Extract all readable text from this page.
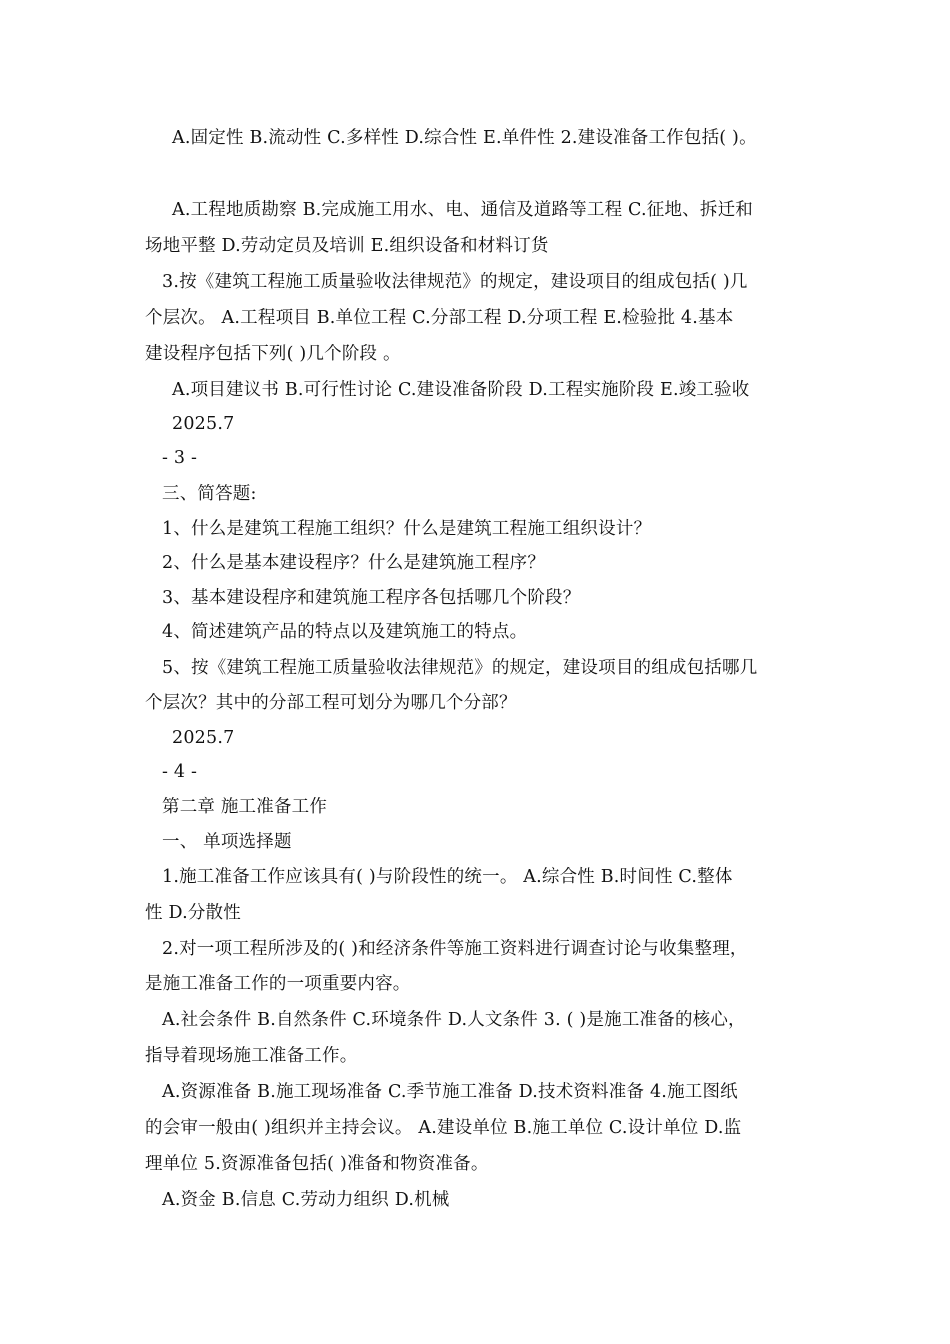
A.固定性 B.流动性 C.多样性 D.综合性 E.单件性 2.建设准备工作包括( )。
A.工程地质勘察 B.完成施工用水、电、通信及道路等工程 C.征地、拆迁和
场地平整 D.劳动定员及培训 E.组织设备和材料订货
3.按《建筑工程施工质量验收法律规范》的规定，建设项目的组成包括( )几
个层次。 A.工程项目 B.单位工程 C.分部工程 D.分项工程 E.检验批 4.基本
建设程序包括下列( )几个阶段 。
A.项目建议书 B.可行性讨论 C.建设准备阶段 D.工程实施阶段 E.竣工验收
2025.7
- 3 -
三、简答题:
1、什么是建筑工程施工组织？什么是建筑工程施工组织设计？
2、什么是基本建设程序？什么是建筑施工程序？
3、基本建设程序和建筑施工程序各包括哪几个阶段？
4、简述建筑产品的特点以及建筑施工的特点。
5、按《建筑工程施工质量验收法律规范》的规定，建设项目的组成包括哪几
个层次？其中的分部工程可划分为哪几个分部？
2025.7
- 4 -
第二章 施工准备工作
一、 单项选择题
1.施工准备工作应该具有( )与阶段性的统一。 A.综合性 B.时间性 C.整体
性 D.分散性
2.对一项工程所涉及的( )和经济条件等施工资料进行调查讨论与收集整理，
是施工准备工作的一项重要内容。
A.社会条件 B.自然条件 C.环境条件 D.人文条件 3. ( )是施工准备的核心，
指导着现场施工准备工作。
A.资源准备 B.施工现场准备 C.季节施工准备 D.技术资料准备 4.施工图纸
的会审一般由( )组织并主持会议。 A.建设单位 B.施工单位 C.设计单位 D.监
理单位 5.资源准备包括( )准备和物资准备。
A.资金 B.信息 C.劳动力组织 D.机械
